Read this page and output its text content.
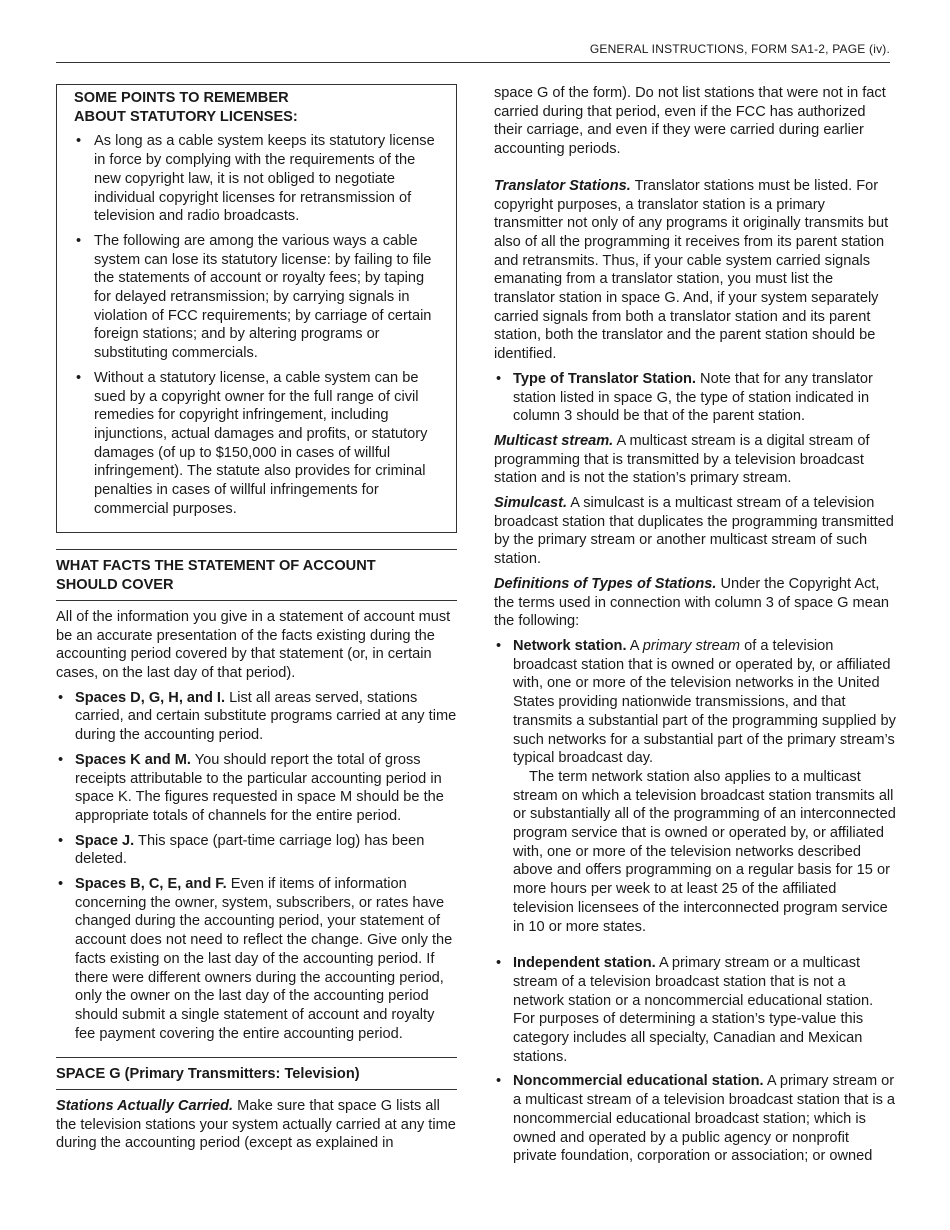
GENERAL INSTRUCTIONS, FORM SA1-2, PAGE (iv).
SOME POINTS TO REMEMBER
ABOUT STATUTORY LICENSES:
• As long as a cable system keeps its statutory license in force by complying with the requirements of the new copyright law, it is not obliged to negotiate individual copyright licenses for retransmission of television and radio broadcasts.
• The following are among the various ways a cable system can lose its statutory license: by failing to file the statements of account or royalty fees; by taping for delayed retransmission; by carrying signals in violation of FCC requirements; by carriage of certain foreign stations; and by altering programs or substituting commercials.
• Without a statutory license, a cable system can be sued by a copyright owner for the full range of civil remedies for copyright infringement, including injunctions, actual damages and profits, or statutory damages (of up to $150,000 in cases of willful infringement). The statute also provides for criminal penalties in cases of willful infringements for commercial purposes.
WHAT FACTS THE STATEMENT OF ACCOUNT
SHOULD COVER

All of the information you give in a statement of account must be an accurate presentation of the facts existing during the accounting period covered by that statement (or, in certain cases, on the last day of that period).

• Spaces D, G, H, and I. List all areas served, stations carried, and certain substitute programs carried at any time during the accounting period.
• Spaces K and M. You should report the total of gross receipts attributable to the particular accounting period in space K. The figures requested in space M should be the appropriate totals of channels for the entire period.
• Space J. This space (part-time carriage log) has been deleted.
• Spaces B, C, E, and F. Even if items of information concerning the owner, system, subscribers, or rates have changed during the accounting period, your statement of account does not need to reflect the change. Give only the facts existing on the last day of the accounting period. If there were different owners during the accounting period, only the owner on the last day of the accounting period should submit a single statement of account and royalty fee payment covering the entire accounting period.
SPACE G (Primary Transmitters: Television)

Stations Actually Carried. Make sure that space G lists all the television stations your system actually carried at any time during the accounting period (except as explained in

space G of the form). Do not list stations that were not in fact carried during that period, even if the FCC has authorized their carriage, and even if they were carried during earlier accounting periods.

Translator Stations. Translator stations must be listed. For copyright purposes, a translator station is a primary transmitter not only of any programs it originally transmits but also of all the programming it receives from its parent station and retransmits. Thus, if your cable system carried signals emanating from a translator station, you must list the translator station in space G. And, if your system separately carried signals from both a translator station and its parent station, both the translator and the parent station should be identified.

• Type of Translator Station. Note that for any translator station listed in space G, the type of station indicated in column 3 should be that of the parent station.

Multicast stream. A multicast stream is a digital stream of programming that is transmitted by a television broadcast station and is not the station’s primary stream.

Simulcast. A simulcast is a multicast stream of a television broadcast station that duplicates the programming transmitted by the primary stream or another multicast stream of such station.

Definitions of Types of Stations. Under the Copyright Act, the terms used in connection with column 3 of space G mean the following:

• Network station. A primary stream of a television broadcast station that is owned or operated by, or affiliated with, one or more of the television networks in the United States providing nationwide transmissions, and that transmits a substantial part of the programming supplied by such networks for a substantial part of the primary stream’s typical broadcast day.
The term network station also applies to a multicast stream on which a television broadcast station transmits all or substantially all of the programming of an interconnected program service that is owned or operated by, or affiliated with, one or more of the television networks described above and offers programming on a regular basis for 15 or more hours per week to at least 25 of the affiliated television licensees of the interconnected program service in 10 or more states.
• Independent station. A primary stream or a multicast stream of a television broadcast station that is not a network station or a noncommercial educational station. For purposes of determining a station’s type-value this category includes all specialty, Canadian and Mexican stations.
• Noncommercial educational station. A primary stream or a multicast stream of a television broadcast station that is a noncommercial educational broadcast station; which is owned and operated by a public agency or nonprofit private foundation, corporation or association; or owned
